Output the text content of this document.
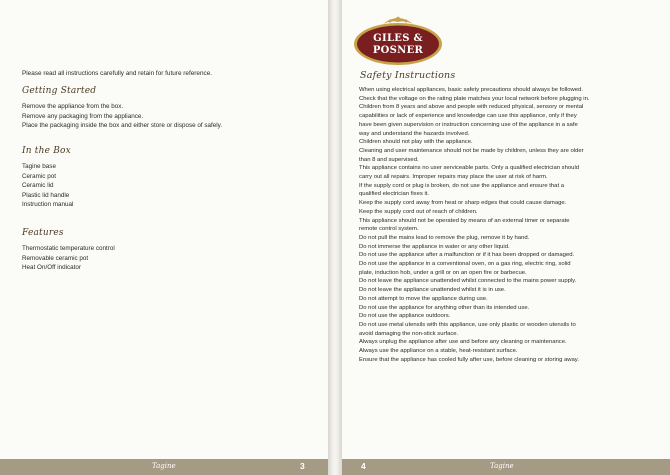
Please read all instructions carefully and retain for future reference.
Getting Started
Remove the appliance from the box.
Remove any packaging from the appliance.
Place the packaging inside the box and either store or dispose of safely.
In the Box
Tagine base
Ceramic pot
Ceramic lid
Plastic lid handle
Instruction manual
Features
Thermostatic temperature control
Removable ceramic pot
Heat On/Off indicator
Tagine	3	4	Tagine
GILES &
POSNER
Safety Instructions
When using electrical appliances, basic safety precautions should always be followed.
Check that the voltage on the rating plate matches your local network before plugging in.
Children from 8 years and above and people with reduced physical, sensory or mental
capabilities or lack of experience and knowledge can use this appliance, only if they
have been given supervision or instruction concerning use of the appliance in a safe
way and understand the hazards involved.
Children should not play with the appliance.
Cleaning and user maintenance should not be made by children, unless they are older
than 8 and supervised.
This appliance contains no user serviceable parts. Only a qualified electrician should
carry out all repairs. Improper repairs may place the user at risk of harm.
If the supply cord or plug is broken, do not use the appliance and ensure that a
qualified electrician fixes it.
Keep the supply cord away from heat or sharp edges that could cause damage.
Keep the supply cord out of reach of children.
This appliance should not be operated by means of an external timer or separate
remote control system.
Do not pull the mains lead to remove the plug, remove it by hand.
Do not immerse the appliance in water or any other liquid.
Do not use the appliance after a malfunction or if it has been dropped or damaged.
Do not use the appliance in a conventional oven, on a gas ring, electric ring, solid
plate, induction hob, under a grill or on an open fire or barbecue.
Do not leave the appliance unattended whilst connected to the mains power supply.
Do not leave the appliance unattended whilst it is in use.
Do not attempt to move the appliance during use.
Do not use the appliance for anything other than its intended use.
Do not use the appliance outdoors.
Do not use metal utensils with this appliance, use only plastic or wooden utensils to
avoid damaging the non-stick surface.
Always unplug the appliance after use and before any cleaning or maintenance.
Always use the appliance on a stable, heat-resistant surface.
Ensure that the appliance has cooled fully after use, before cleaning or storing away.
